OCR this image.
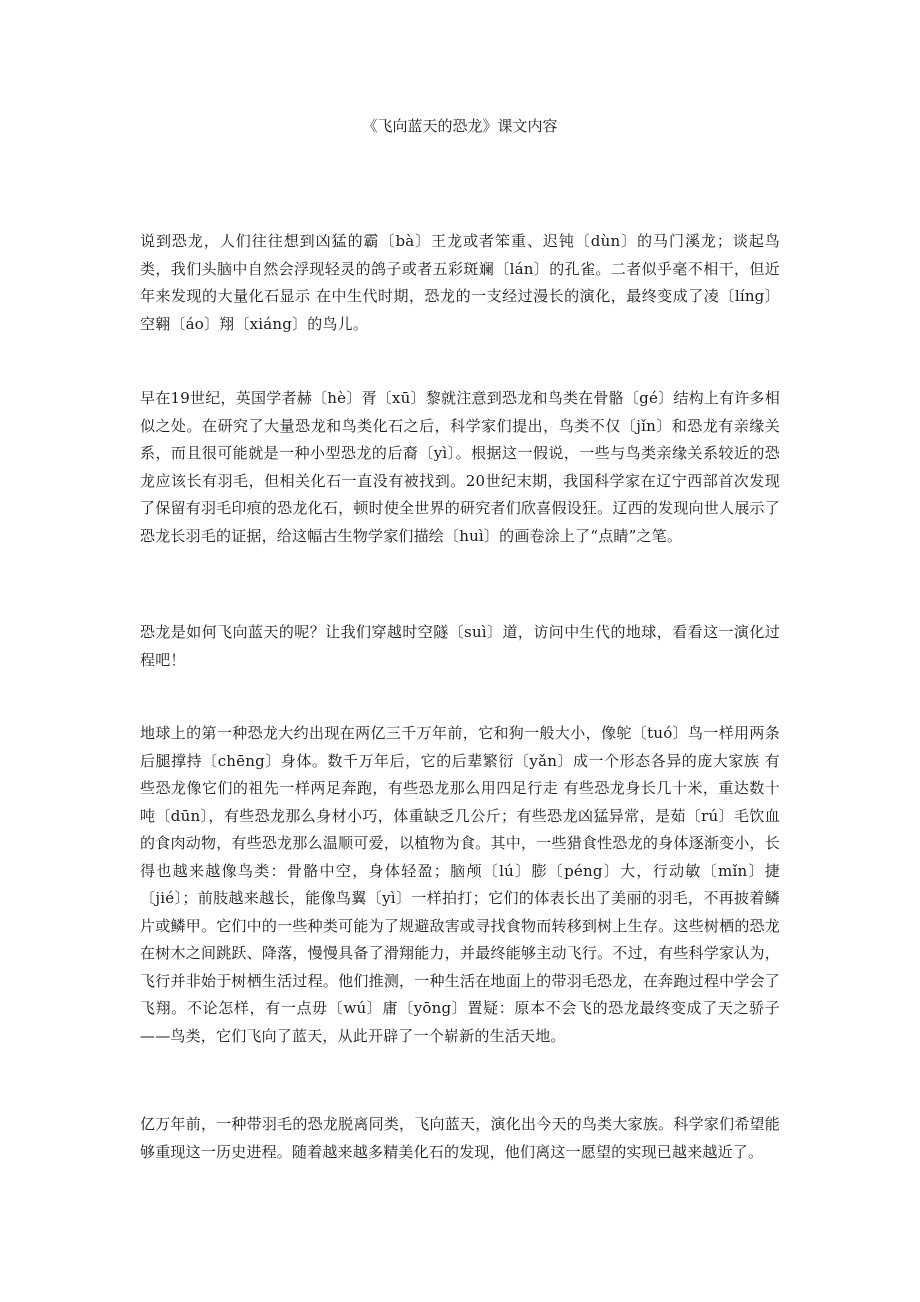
《飞向蓝天的恐龙》课文内容

说到恐龙，人们往往想到凶猛的霸〔bà〕王龙或者笨重、迟钝〔dùn〕的马门溪龙；谈起鸟类，我们头脑中自然会浮现轻灵的鸽子或者五彩斑斓〔lán〕的孔雀。二者似乎毫不相干，但近年来发现的大量化石显示 在中生代时期，恐龙的一支经过漫长的演化，最终变成了凌〔líng〕空翱〔áo〕翔〔xiáng〕的鸟儿。

早在19世纪，英国学者赫〔hè〕胥〔xū〕黎就注意到恐龙和鸟类在骨骼〔gé〕结构上有许多相似之处。在研究了大量恐龙和鸟类化石之后，科学家们提出，鸟类不仅〔jǐn〕和恐龙有亲缘关系，而且很可能就是一种小型恐龙的后裔〔yì〕。根据这一假说，一些与鸟类亲缘关系较近的恐龙应该长有羽毛，但相关化石一直没有被找到。20世纪末期，我国科学家在辽宁西部首次发现了保留有羽毛印痕的恐龙化石，顿时使全世界的研究者们欣喜假设狂。辽西的发现向世人展示了恐龙长羽毛的证据，给这幅古生物学家们描绘〔huì〕的画卷涂上了“点睛”之笔。

恐龙是如何飞向蓝天的呢？让我们穿越时空隧〔suì〕道，访问中生代的地球，看看这一演化过程吧！

地球上的第一种恐龙大约出现在两亿三千万年前，它和狗一般大小，像鸵〔tuó〕鸟一样用两条后腿撑持〔chēng〕身体。数千万年后，它的后辈繁衍〔yǎn〕成一个形态各异的庞大家族 有些恐龙像它们的祖先一样两足奔跑，有些恐龙那么用四足行走 有些恐龙身长几十米，重达数十吨〔dūn〕，有些恐龙那么身材小巧，体重缺乏几公斤；有些恐龙凶猛异常，是茹〔rú〕毛饮血的食肉动物，有些恐龙那么温顺可爱，以植物为食。其中，一些猎食性恐龙的身体逐渐变小，长得也越来越像鸟类：骨骼中空，身体轻盈；脑颅〔lú〕膨〔péng〕大，行动敏〔mǐn〕捷〔jié〕；前肢越来越长，能像鸟翼〔yì〕一样拍打；它们的体表长出了美丽的羽毛，不再披着鳞片或鳞甲。它们中的一些种类可能为了规避敌害或寻找食物而转移到树上生存。这些树栖的恐龙在树木之间跳跃、降落，慢慢具备了滑翔能力，并最终能够主动飞行。不过，有些科学家认为，飞行并非始于树栖生活过程。他们推测，一种生活在地面上的带羽毛恐龙，在奔跑过程中学会了飞翔。不论怎样，有一点毋〔wú〕庸〔yōng〕置疑：原本不会飞的恐龙最终变成了天之骄子——鸟类，它们飞向了蓝天，从此开辟了一个崭新的生活天地。

亿万年前，一种带羽毛的恐龙脱离同类，飞向蓝天，演化出今天的鸟类大家族。科学家们希望能够重现这一历史进程。随着越来越多精美化石的发现，他们离这一愿望的实现已越来越近了。
